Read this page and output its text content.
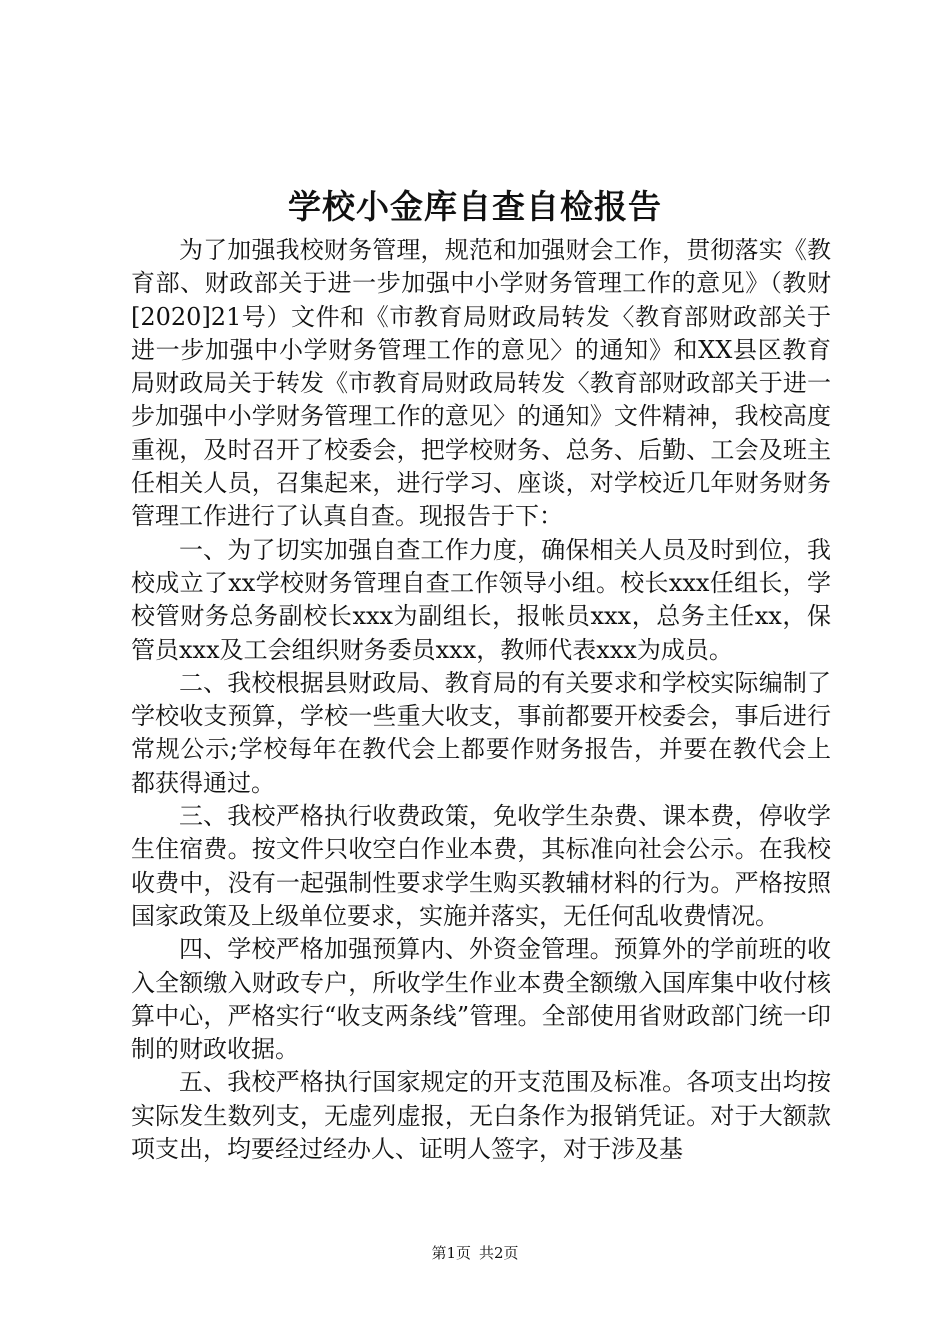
学校小金库自查自检报告

为了加强我校财务管理，规范和加强财会工作，贯彻落实《教育部、财政部关于进一步加强中小学财务管理工作的意见》（教财[2020]21号）文件和《市教育局财政局转发〈教育部财政部关于进一步加强中小学财务管理工作的意见〉的通知》和XX县区教育局财政局关于转发《市教育局财政局转发〈教育部财政部关于进一步加强中小学财务管理工作的意见〉的通知》文件精神，我校高度重视，及时召开了校委会，把学校财务、总务、后勤、工会及班主任相关人员，召集起来，进行学习、座谈，对学校近几年财务财务管理工作进行了认真自查。现报告于下：

一、为了切实加强自查工作力度，确保相关人员及时到位，我校成立了xx学校财务管理自查工作领导小组。校长xxx任组长，学校管财务总务副校长xxx为副组长，报帐员xxx，总务主任xx，保管员xxx及工会组织财务委员xxx，教师代表xxx为成员。

二、我校根据县财政局、教育局的有关要求和学校实际编制了学校收支预算，学校一些重大收支，事前都要开校委会，事后进行常规公示;学校每年在教代会上都要作财务报告，并要在教代会上都获得通过。

三、我校严格执行收费政策，免收学生杂费、课本费，停收学生住宿费。按文件只收空白作业本费，其标准向社会公示。在我校收费中，没有一起强制性要求学生购买教辅材料的行为。严格按照国家政策及上级单位要求，实施并落实，无任何乱收费情况。

四、学校严格加强预算内、外资金管理。预算外的学前班的收入全额缴入财政专户，所收学生作业本费全额缴入国库集中收付核算中心，严格实行“收支两条线”管理。全部使用省财政部门统一印制的财政收据。

五、我校严格执行国家规定的开支范围及标准。各项支出均按实际发生数列支，无虚列虚报，无白条作为报销凭证。对于大额款项支出，均要经过经办人、证明人签字，对于涉及基

第1页 共2页
